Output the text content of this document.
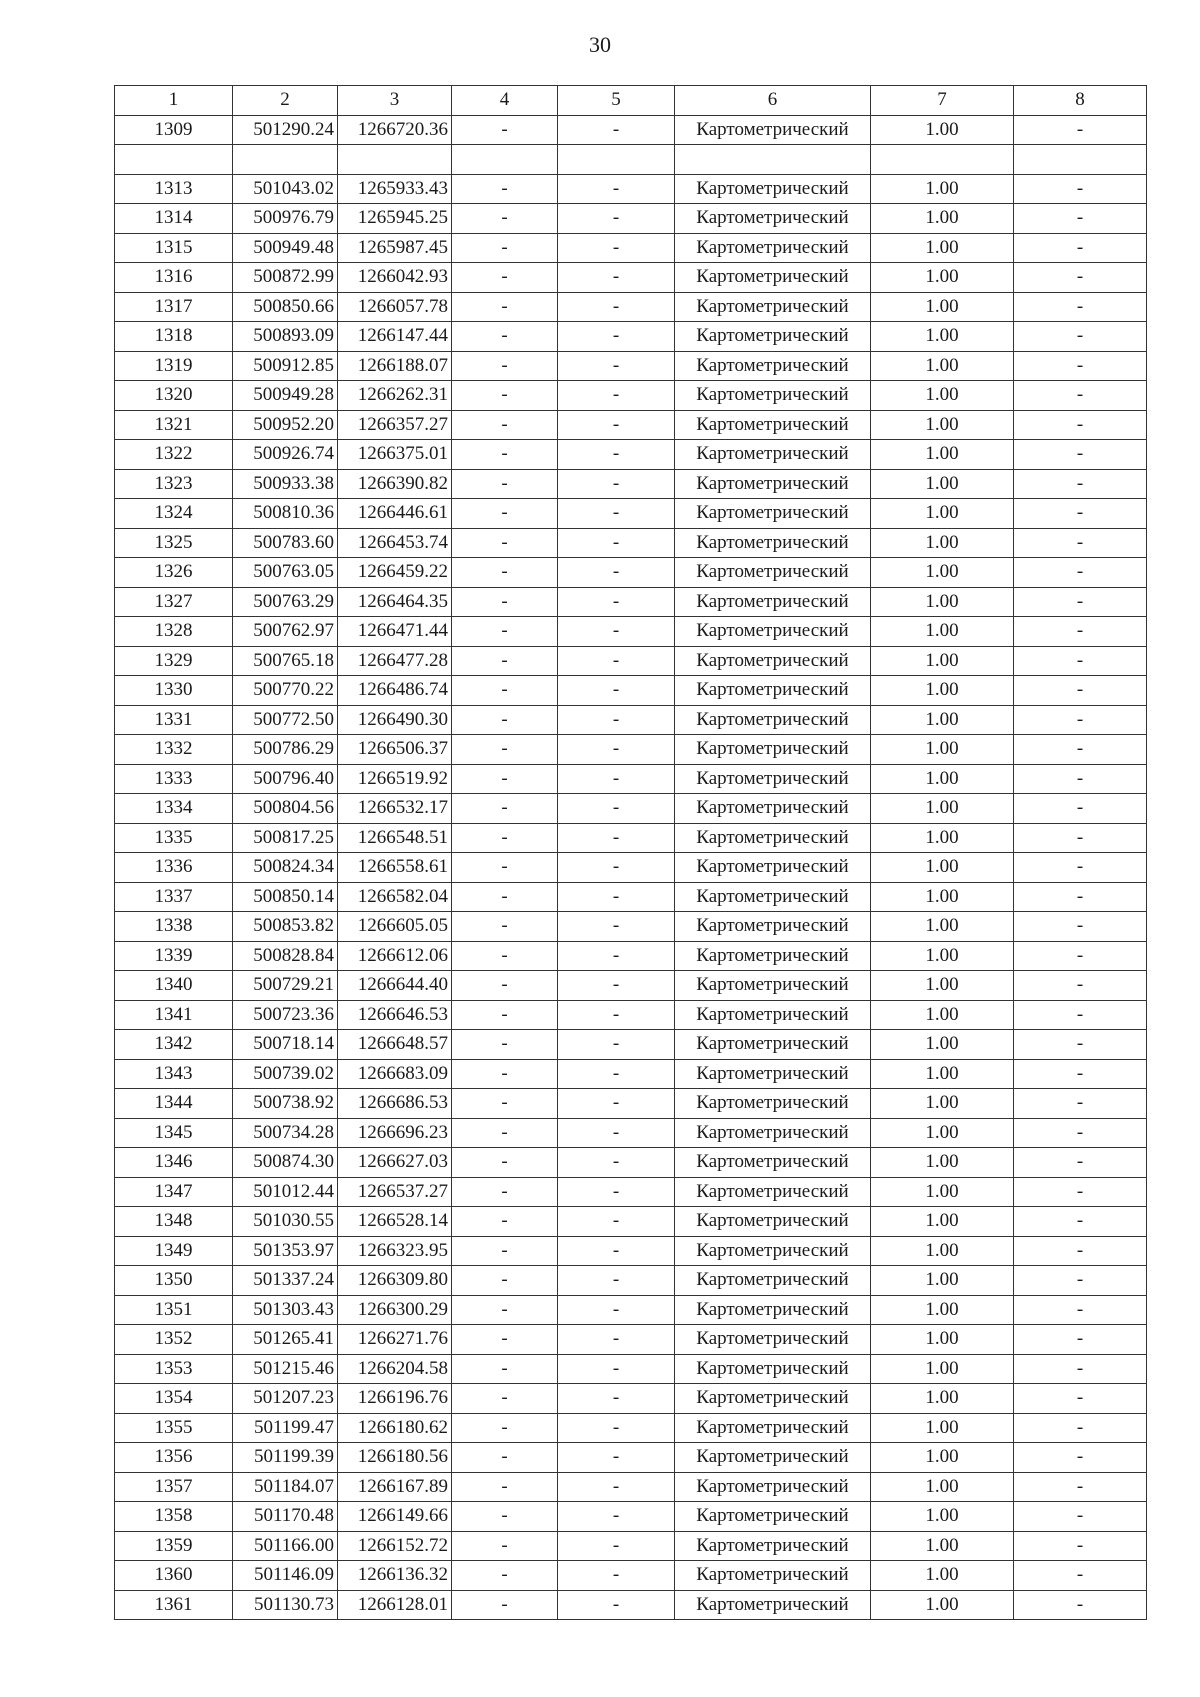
30
1	2	3	4	5	6	7	8
1309	501290.24	1266720.36	-	-	Картометрический	1.00	-

1313	501043.02	1265933.43	-	-	Картометрический	1.00	-
1314	500976.79	1265945.25	-	-	Картометрический	1.00	-
1315	500949.48	1265987.45	-	-	Картометрический	1.00	-
1316	500872.99	1266042.93	-	-	Картометрический	1.00	-
1317	500850.66	1266057.78	-	-	Картометрический	1.00	-
1318	500893.09	1266147.44	-	-	Картометрический	1.00	-
1319	500912.85	1266188.07	-	-	Картометрический	1.00	-
1320	500949.28	1266262.31	-	-	Картометрический	1.00	-
1321	500952.20	1266357.27	-	-	Картометрический	1.00	-
1322	500926.74	1266375.01	-	-	Картометрический	1.00	-
1323	500933.38	1266390.82	-	-	Картометрический	1.00	-
1324	500810.36	1266446.61	-	-	Картометрический	1.00	-
1325	500783.60	1266453.74	-	-	Картометрический	1.00	-
1326	500763.05	1266459.22	-	-	Картометрический	1.00	-
1327	500763.29	1266464.35	-	-	Картометрический	1.00	-
1328	500762.97	1266471.44	-	-	Картометрический	1.00	-
1329	500765.18	1266477.28	-	-	Картометрический	1.00	-
1330	500770.22	1266486.74	-	-	Картометрический	1.00	-
1331	500772.50	1266490.30	-	-	Картометрический	1.00	-
1332	500786.29	1266506.37	-	-	Картометрический	1.00	-
1333	500796.40	1266519.92	-	-	Картометрический	1.00	-
1334	500804.56	1266532.17	-	-	Картометрический	1.00	-
1335	500817.25	1266548.51	-	-	Картометрический	1.00	-
1336	500824.34	1266558.61	-	-	Картометрический	1.00	-
1337	500850.14	1266582.04	-	-	Картометрический	1.00	-
1338	500853.82	1266605.05	-	-	Картометрический	1.00	-
1339	500828.84	1266612.06	-	-	Картометрический	1.00	-
1340	500729.21	1266644.40	-	-	Картометрический	1.00	-
1341	500723.36	1266646.53	-	-	Картометрический	1.00	-
1342	500718.14	1266648.57	-	-	Картометрический	1.00	-
1343	500739.02	1266683.09	-	-	Картометрический	1.00	-
1344	500738.92	1266686.53	-	-	Картометрический	1.00	-
1345	500734.28	1266696.23	-	-	Картометрический	1.00	-
1346	500874.30	1266627.03	-	-	Картометрический	1.00	-
1347	501012.44	1266537.27	-	-	Картометрический	1.00	-
1348	501030.55	1266528.14	-	-	Картометрический	1.00	-
1349	501353.97	1266323.95	-	-	Картометрический	1.00	-
1350	501337.24	1266309.80	-	-	Картометрический	1.00	-
1351	501303.43	1266300.29	-	-	Картометрический	1.00	-
1352	501265.41	1266271.76	-	-	Картометрический	1.00	-
1353	501215.46	1266204.58	-	-	Картометрический	1.00	-
1354	501207.23	1266196.76	-	-	Картометрический	1.00	-
1355	501199.47	1266180.62	-	-	Картометрический	1.00	-
1356	501199.39	1266180.56	-	-	Картометрический	1.00	-
1357	501184.07	1266167.89	-	-	Картометрический	1.00	-
1358	501170.48	1266149.66	-	-	Картометрический	1.00	-
1359	501166.00	1266152.72	-	-	Картометрический	1.00	-
1360	501146.09	1266136.32	-	-	Картометрический	1.00	-
1361	501130.73	1266128.01	-	-	Картометрический	1.00	-
